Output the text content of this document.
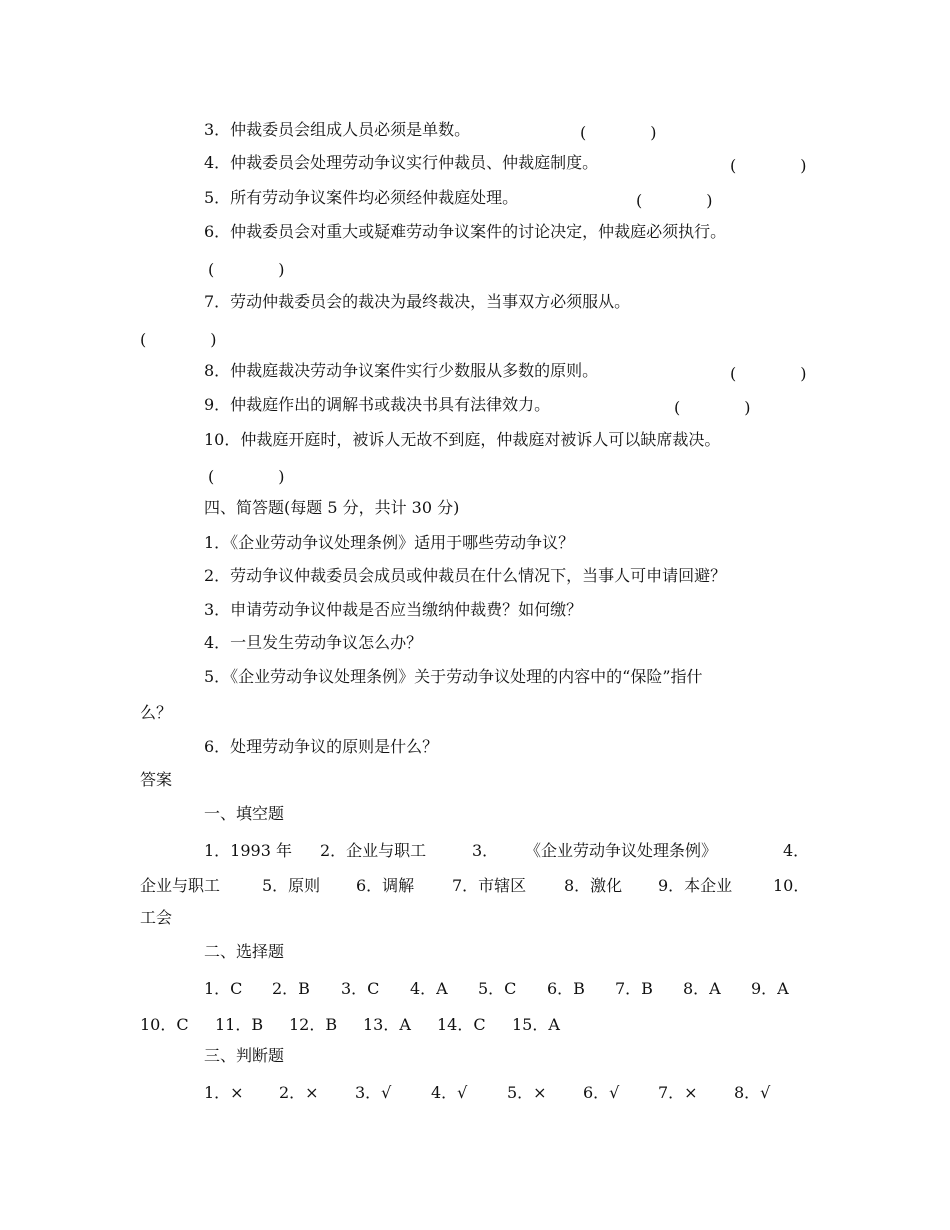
3．仲裁委员会组成人员必须是单数。	(　　　　)
4．仲裁委员会处理劳动争议实行仲裁员、仲裁庭制度。	(　　　　)
5．所有劳动争议案件均必须经仲裁庭处理。	(　　　　)
6．仲裁委员会对重大或疑难劳动争议案件的讨论决定，仲裁庭必须执行。
(　　　　)
7．劳动仲裁委员会的裁决为最终裁决，当事双方必须服从。
(　　　　)
8．仲裁庭裁决劳动争议案件实行少数服从多数的原则。	(　　　　)
9．仲裁庭作出的调解书或裁决书具有法律效力。	(　　　　)
10．仲裁庭开庭时，被诉人无故不到庭，仲裁庭对被诉人可以缺席裁决。
(　　　　)
四、简答题(每题 5 分，共计 30 分)
1．《企业劳动争议处理条例》适用于哪些劳动争议？
2．劳动争议仲裁委员会成员或仲裁员在什么情况下，当事人可申请回避？
3．申请劳动争议仲裁是否应当缴纳仲裁费？如何缴？
4．一旦发生劳动争议怎么办？
5．《企业劳动争议处理条例》关于劳动争议处理的内容中的“保险”指什
么？
6．处理劳动争议的原则是什么？
答案
一、填空题
1．1993 年 2．企业与职工	3． 《企业劳动争议处理条例》	4．
企业与职工	5．原则 6．调解 7．市辖区 8．激化 9．本企业	10．
工会
二、选择题
1．C 2．B 3．C 4．A 5．C 6．B 7．B 8．A 9．A
10．C 11．B 12．B 13．A 14．C 15．A
三、判断题
1．× 2．× 3．√ 4．√ 5．× 6．√ 7．× 8．√
